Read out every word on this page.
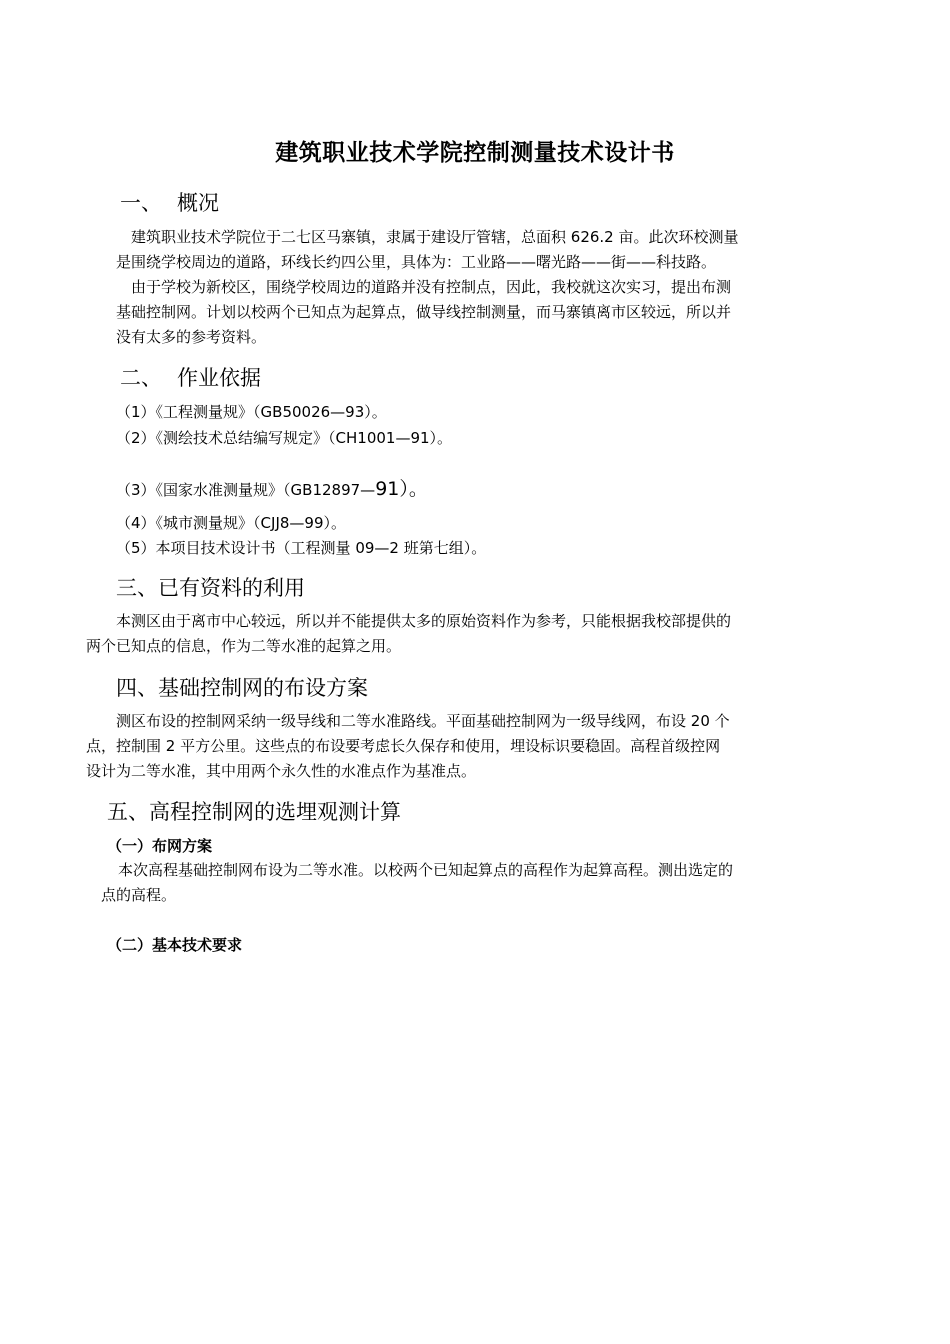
建筑职业技术学院控制测量技术设计书
一、 概况
建筑职业技术学院位于二七区马寨镇，隶属于建设厅管辖，总面积 626.2 亩。此次环校测量
是围绕学校周边的道路，环线长约四公里，具体为：工业路——曙光路——街——科技路。
由于学校为新校区，围绕学校周边的道路并没有控制点，因此，我校就这次实习，提出布测
基础控制网。计划以校两个已知点为起算点，做导线控制测量，而马寨镇离市区较远，所以并
没有太多的参考资料。
二、 作业依据
（1）《工程测量规》（GB50026—93）。
（2）《测绘技术总结编写规定》（CH1001—91）。
（3）《国家水准测量规》（GB12897—91）。
（4）《城市测量规》（CJJ8—99）。
（5）本项目技术设计书（工程测量 09—2 班第七组）。
三、已有资料的利用
本测区由于离市中心较远，所以并不能提供太多的原始资料作为参考，只能根据我校部提供的
两个已知点的信息，作为二等水准的起算之用。
四、基础控制网的布设方案
测区布设的控制网采纳一级导线和二等水准路线。平面基础控制网为一级导线网，布设 20 个
点，控制围 2 平方公里。这些点的布设要考虑长久保存和使用，埋设标识要稳固。高程首级控网
设计为二等水准，其中用两个永久性的水准点作为基准点。
五、高程控制网的选埋观测计算
（一）布网方案
本次高程基础控制网布设为二等水准。以校两个已知起算点的高程作为起算高程。测出选定的
点的高程。
（二）基本技术要求
